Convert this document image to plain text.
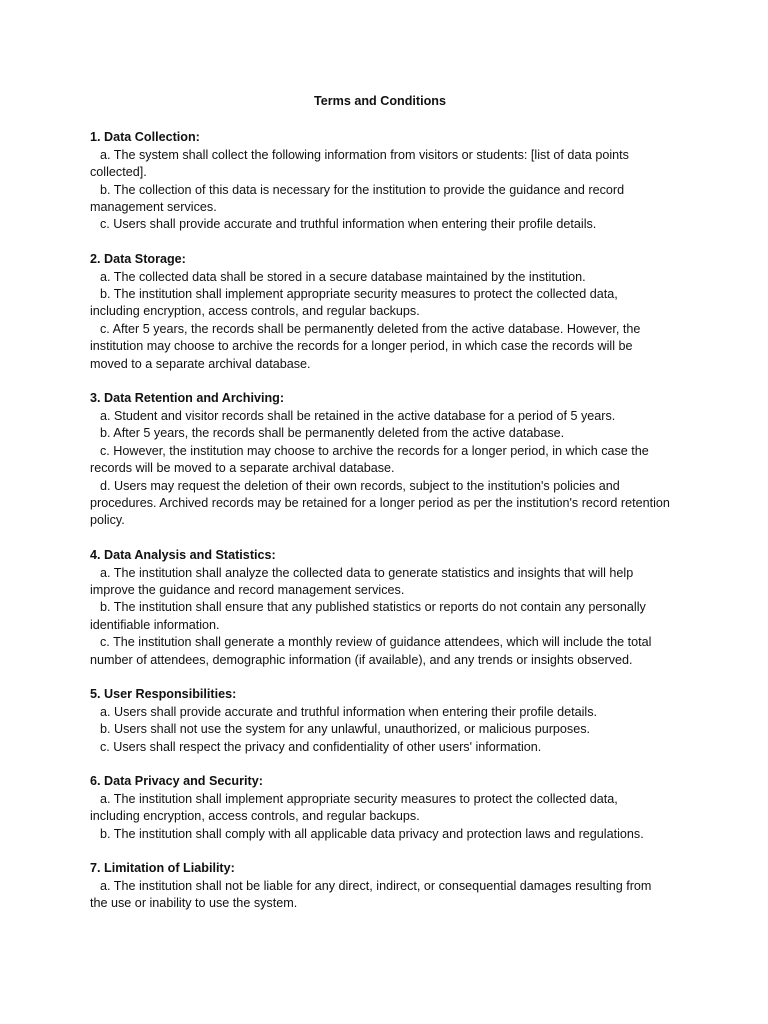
Terms and Conditions
1. Data Collection:
a. The system shall collect the following information from visitors or students: [list of data points collected].
b. The collection of this data is necessary for the institution to provide the guidance and record management services.
c. Users shall provide accurate and truthful information when entering their profile details.
2. Data Storage:
a. The collected data shall be stored in a secure database maintained by the institution.
b. The institution shall implement appropriate security measures to protect the collected data, including encryption, access controls, and regular backups.
c. After 5 years, the records shall be permanently deleted from the active database. However, the institution may choose to archive the records for a longer period, in which case the records will be moved to a separate archival database.
3. Data Retention and Archiving:
a. Student and visitor records shall be retained in the active database for a period of 5 years.
b. After 5 years, the records shall be permanently deleted from the active database.
c. However, the institution may choose to archive the records for a longer period, in which case the records will be moved to a separate archival database.
d. Users may request the deletion of their own records, subject to the institution's policies and procedures. Archived records may be retained for a longer period as per the institution's record retention policy.
4. Data Analysis and Statistics:
a. The institution shall analyze the collected data to generate statistics and insights that will help improve the guidance and record management services.
b. The institution shall ensure that any published statistics or reports do not contain any personally identifiable information.
c. The institution shall generate a monthly review of guidance attendees, which will include the total number of attendees, demographic information (if available), and any trends or insights observed.
5. User Responsibilities:
a. Users shall provide accurate and truthful information when entering their profile details.
b. Users shall not use the system for any unlawful, unauthorized, or malicious purposes.
c. Users shall respect the privacy and confidentiality of other users' information.
6. Data Privacy and Security:
a. The institution shall implement appropriate security measures to protect the collected data, including encryption, access controls, and regular backups.
b. The institution shall comply with all applicable data privacy and protection laws and regulations.
7. Limitation of Liability:
a. The institution shall not be liable for any direct, indirect, or consequential damages resulting from the use or inability to use the system.
